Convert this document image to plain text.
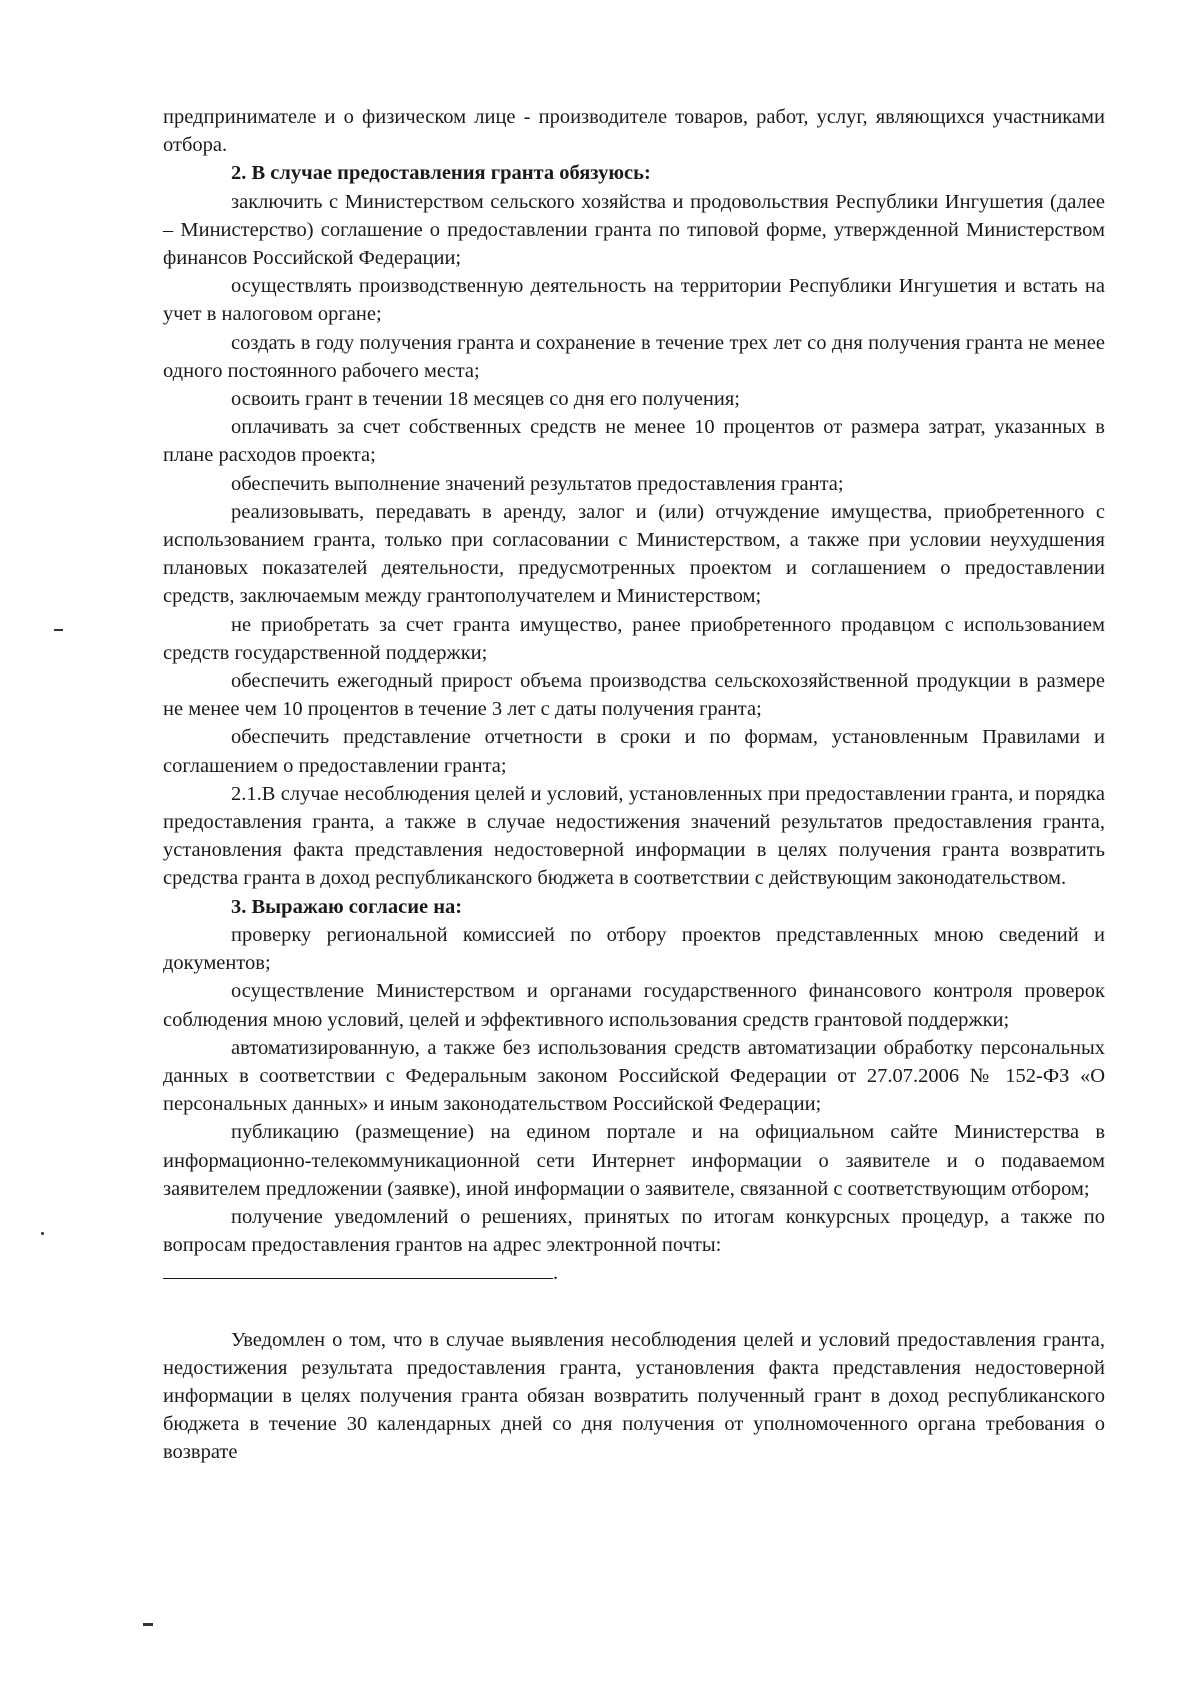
предпринимателе и о физическом лице - производителе товаров, работ, услуг, являющихся участниками отбора.

2. В случае предоставления гранта обязуюсь:

заключить с Министерством сельского хозяйства и продовольствия Республики Ингушетия (далее – Министерство) соглашение о предоставлении гранта по типовой форме, утвержденной Министерством финансов Российской Федерации;

осуществлять производственную деятельность на территории Республики Ингушетия и встать на учет в налоговом органе;

создать в году получения гранта и сохранение в течение трех лет со дня получения гранта не менее одного постоянного рабочего места;

освоить грант в течении 18 месяцев со дня его получения;

оплачивать за счет собственных средств не менее 10 процентов от размера затрат, указанных в плане расходов проекта;

обеспечить выполнение значений результатов предоставления гранта;

реализовывать, передавать в аренду, залог и (или) отчуждение имущества, приобретенного с использованием гранта, только при согласовании с Министерством, а также при условии неухудшения плановых показателей деятельности, предусмотренных проектом и соглашением о предоставлении средств, заключаемым между грантополучателем и Министерством;

не приобретать за счет гранта имущество, ранее приобретенного продавцом с использованием средств государственной поддержки;

обеспечить ежегодный прирост объема производства сельскохозяйственной продукции в размере не менее чем 10 процентов в течение 3 лет с даты получения гранта;

обеспечить представление отчетности в сроки и по формам, установленным Правилами и соглашением о предоставлении гранта;

2.1.В случае несоблюдения целей и условий, установленных при предоставлении гранта, и порядка предоставления гранта, а также в случае недостижения значений результатов предоставления гранта, установления факта представления недостоверной информации в целях получения гранта возвратить средства гранта в доход республиканского бюджета в соответствии с действующим законодательством.

3. Выражаю согласие на:

проверку региональной комиссией по отбору проектов представленных мною сведений и документов;

осуществление Министерством и органами государственного финансового контроля проверок соблюдения мною условий, целей и эффективного использования средств грантовой поддержки;

автоматизированную, а также без использования средств автоматизации обработку персональных данных в соответствии с Федеральным законом Российской Федерации от 27.07.2006 № 152-ФЗ «О персональных данных» и иным законодательством Российской Федерации;

публикацию (размещение) на едином портале и на официальном сайте Министерства в информационно-телекоммуникационной сети Интернет информации о заявителе и о подаваемом заявителем предложении (заявке), иной информации о заявителе, связанной с соответствующим отбором;

получение уведомлений о решениях, принятых по итогам конкурсных процедур, а также по вопросам предоставления грантов на адрес электронной почты:

.

Уведомлен о том, что в случае выявления несоблюдения целей и условий предоставления гранта, недостижения результата предоставления гранта, установления факта представления недостоверной информации в целях получения гранта обязан возвратить полученный грант в доход республиканского бюджета в течение 30 календарных дней со дня получения от уполномоченного органа требования о возврате
